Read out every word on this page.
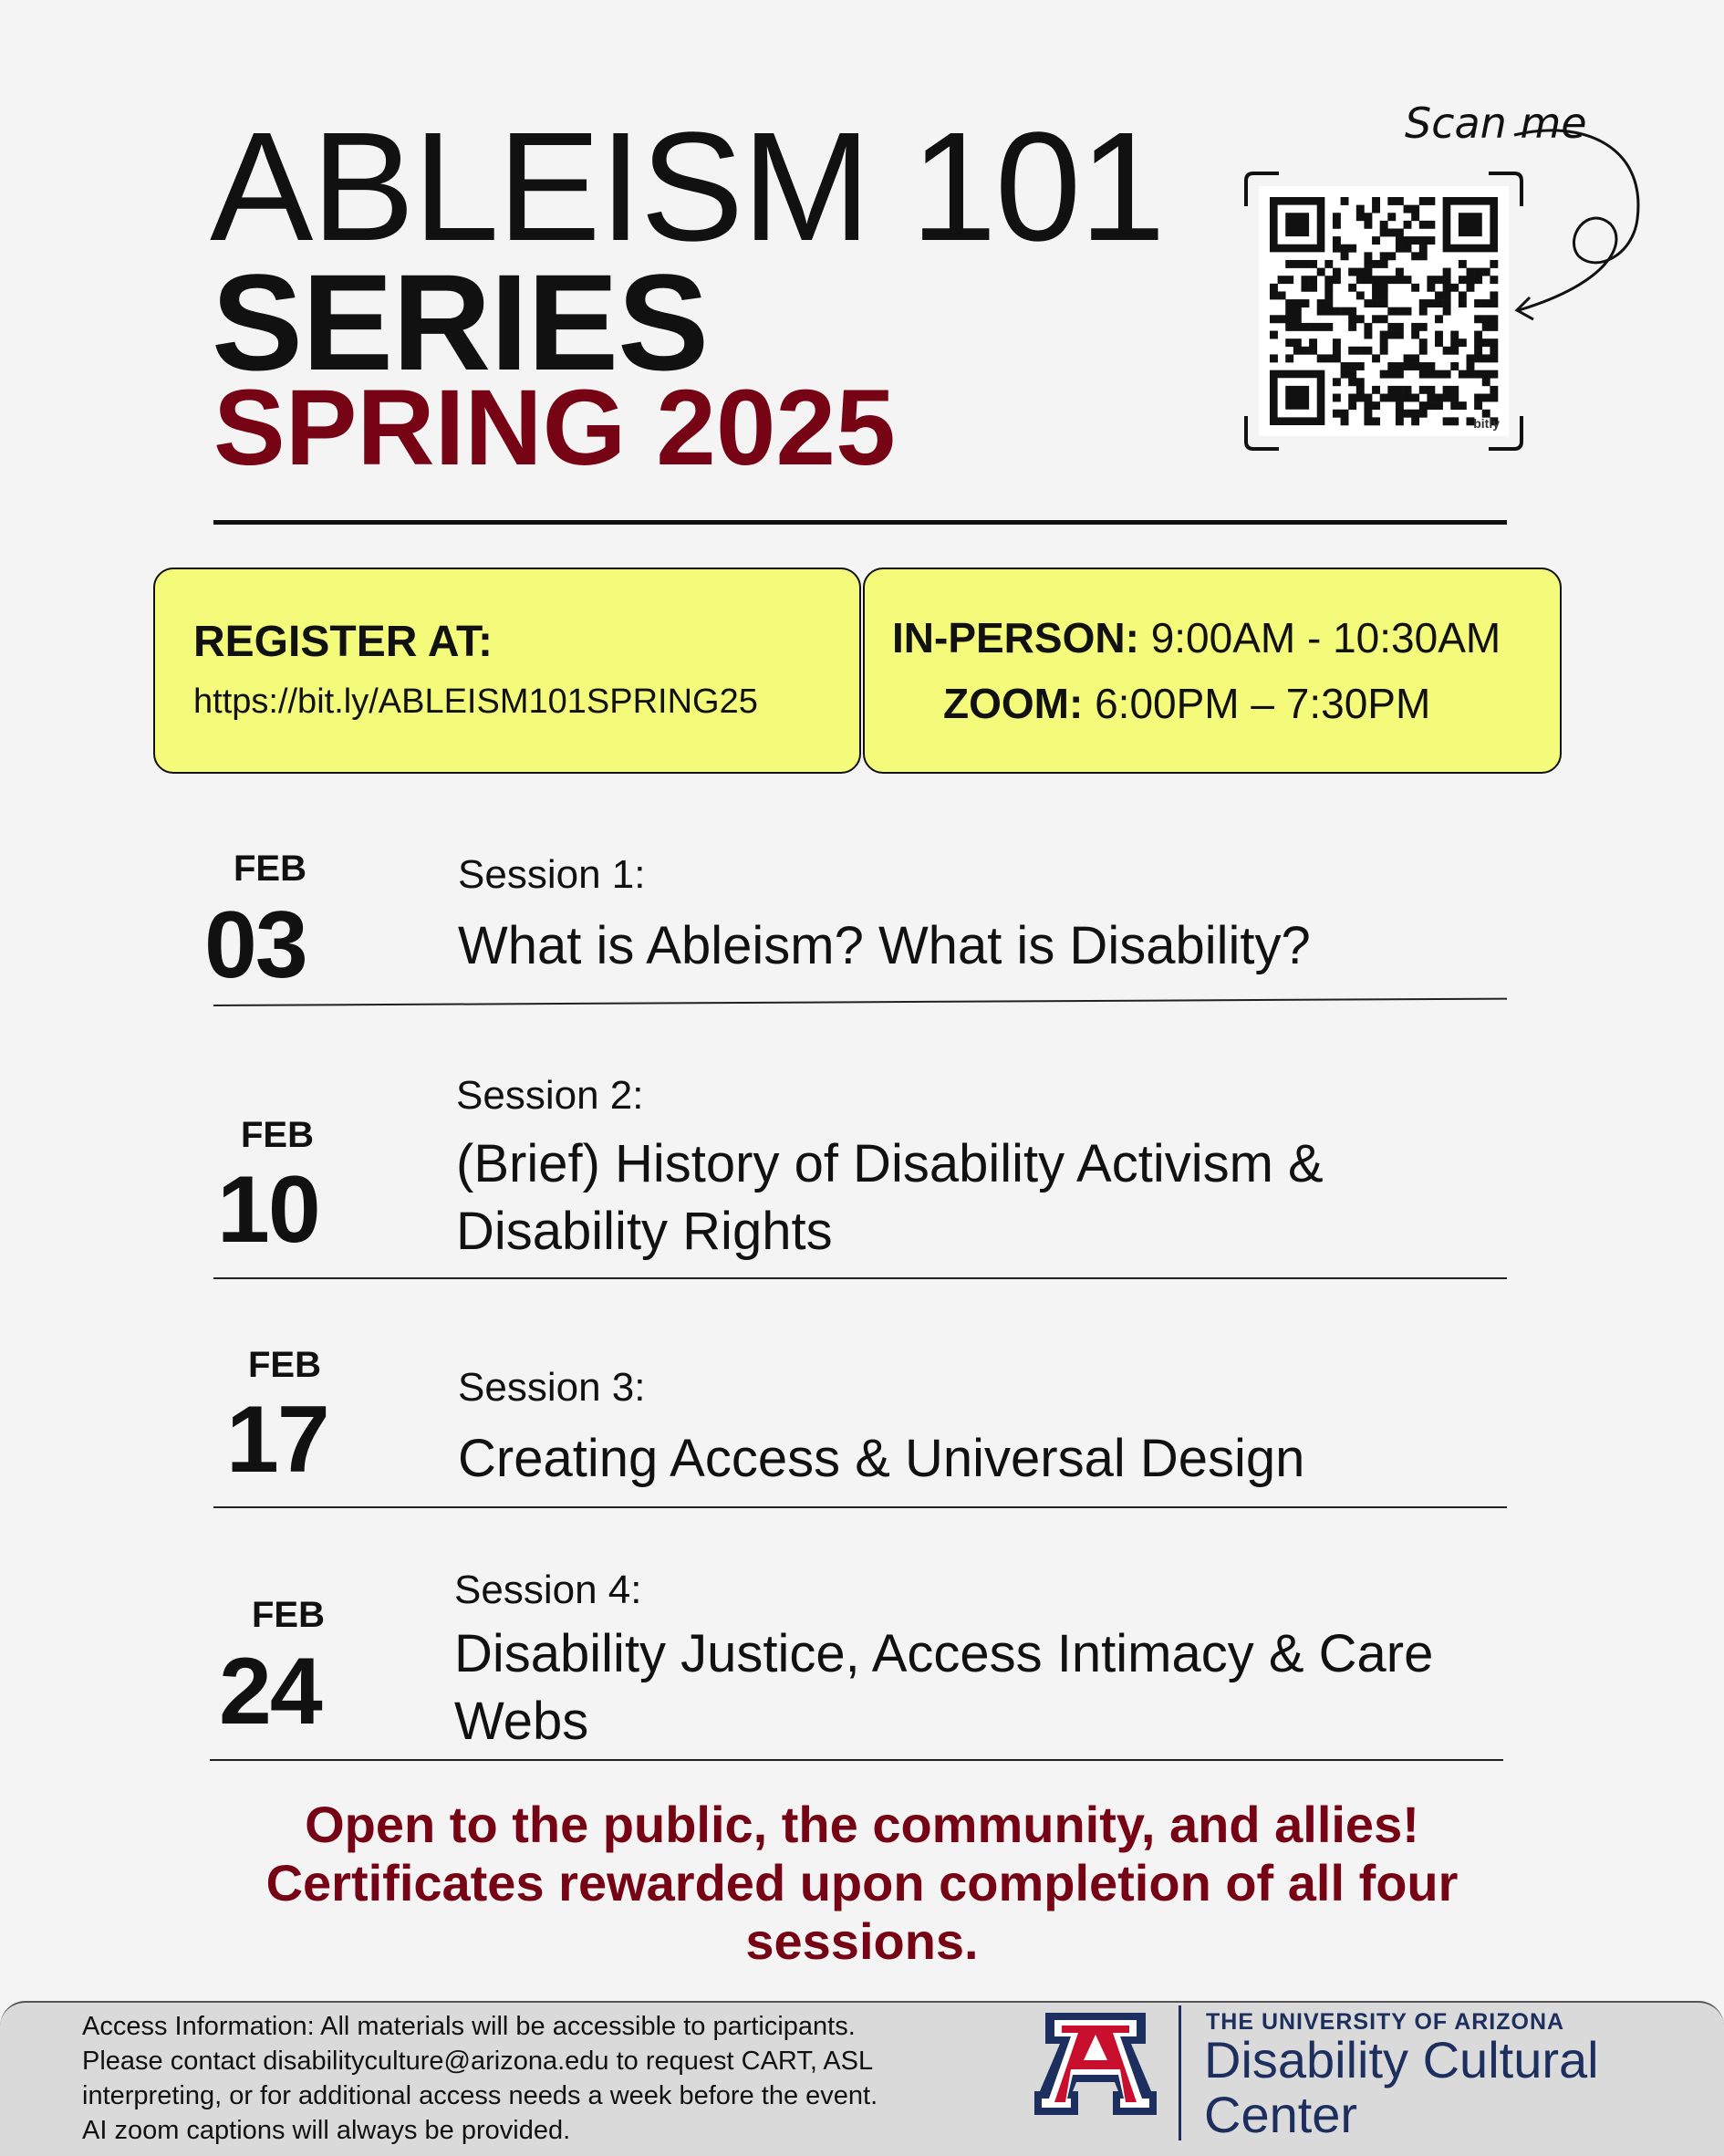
ABLEISM 101
SERIES
SPRING 2025
Scan me
bitly
REGISTER AT:
https://bit.ly/ABLEISM101SPRING25
IN-PERSON: 9:00AM - 10:30AM
ZOOM: 6:00PM – 7:30PM
FEB
03
Session 1:
What is Ableism? What is Disability?
FEB
10
Session 2:
(Brief) History of Disability Activism &
Disability Rights
FEB
17	Session 3:
Creating Access & Universal Design
FEB
24
Session 4:
Disability Justice, Access Intimacy & Care
Webs
Open to the public, the community, and allies!
Certificates rewarded upon completion of all four
sessions.
Access Information: All materials will be accessible to participants.
Please contact disabilityculture@arizona.edu to request CART, ASL
interpreting, or for additional access needs a week before the event.
AI zoom captions will always be provided.
THE UNIVERSITY OF ARIZONA
Disability Cultural
Center
